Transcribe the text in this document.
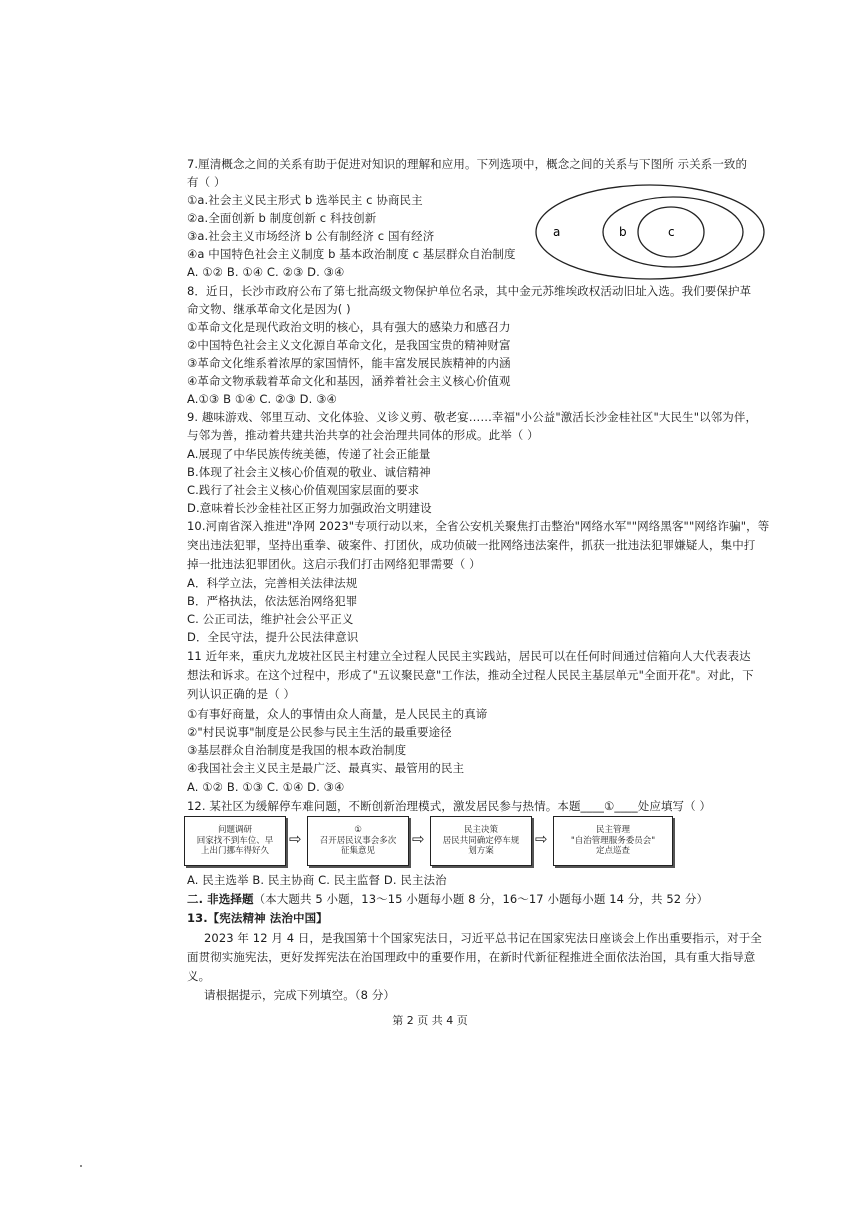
7.厘清概念之间的关系有助于促进对知识的理解和应用。下列选项中，概念之间的关系与下图所 示关系一致的
有（ ）
①a.社会主义民主形式 b 选举民主 c 协商民主
②a.全面创新 b 制度创新 c 科技创新
③a.社会主义市场经济 b 公有制经济 c 国有经济
④a 中国特色社会主义制度 b 基本政治制度 c 基层群众自治制度
A. ①② B. ①④ C. ②③ D. ③④
a	b	c
8．近日，长沙市政府公布了第七批高级文物保护单位名录，其中金元苏维埃政权活动旧址入选。我们要保护革
命文物、继承革命文化是因为( )
①革命文化是现代政治文明的核心，具有强大的感染力和感召力
②中国特色社会主义文化源自革命文化，是我国宝贵的精神财富
③革命文化维系着浓厚的家国情怀，能丰富发展民族精神的内涵
④革命文物承载着革命文化和基因，涵养着社会主义核心价值观
A.①③ B ①④ C. ②③ D. ③④
9. 趣味游戏、邻里互动、文化体验、义诊义剪、敬老宴……幸福"小公益"激活长沙金桂社区"大民生"以邻为伴，
与邻为善，推动着共建共治共享的社会治理共同体的形成。此举（ ）
A.展现了中华民族传统美德，传递了社会正能量
B.体现了社会主义核心价值观的敬业、诚信精神
C.践行了社会主义核心价值观国家层面的要求
D.意味着长沙金桂社区正努力加强政治文明建设
10.河南省深入推进"净网 2023"专项行动以来，全省公安机关聚焦打击整治"网络水军""网络黑客""网络诈骗"，等
突出违法犯罪，坚持出重拳、破案件、打团伙，成功侦破一批网络违法案件，抓获一批违法犯罪嫌疑人，集中打
掉一批违法犯罪团伙。这启示我们打击网络犯罪需要（ ）
A．科学立法，完善相关法律法规
B．严格执法，依法惩治网络犯罪
C. 公正司法，维护社会公平正义
D．全民守法，提升公民法律意识
11 近年来，重庆九龙坡社区民主村建立全过程人民民主实践站，居民可以在任何时间通过信箱向人大代表表达
想法和诉求。在这个过程中，形成了"五议聚民意"工作法，推动全过程人民民主基层单元"全面开花"。对此，下
列认识正确的是（ ）
①有事好商量，众人的事情由众人商量，是人民民主的真谛
②"村民说事"制度是公民参与民主生活的最重要途径
③基层群众自治制度是我国的根本政治制度
④我国社会主义民主是最广泛、最真实、最管用的民主
A. ①② B. ①③ C. ①④ D. ③④
12. 某社区为缓解停车难问题，不断创新治理模式，激发居民参与热情。本题____①____处应填写（ ）
问题调研
回家找不到车位、早
上出门挪车得好久
⇨	①
召开居民议事会多次
征集意见
⇨	民主决策
居民共同确定停车规
划方案
⇨	民主管理
"自治管理服务委员会"
定点巡查
A. 民主选举 B. 民主协商 C. 民主监督 D. 民主法治
二. 非选择题（本大题共 5 小题，13～15 小题每小题 8 分，16～17 小题每小题 14 分，共 52 分）
13.【宪法精神 法治中国】
2023 年 12 月 4 日，是我国第十个国家宪法日，习近平总书记在国家宪法日座谈会上作出重要指示，对于全
面贯彻实施宪法，更好发挥宪法在治国理政中的重要作用，在新时代新征程推进全面依法治国，具有重大指导意
义。
请根据提示，完成下列填空。（8 分）
第 2 页 共 4 页
